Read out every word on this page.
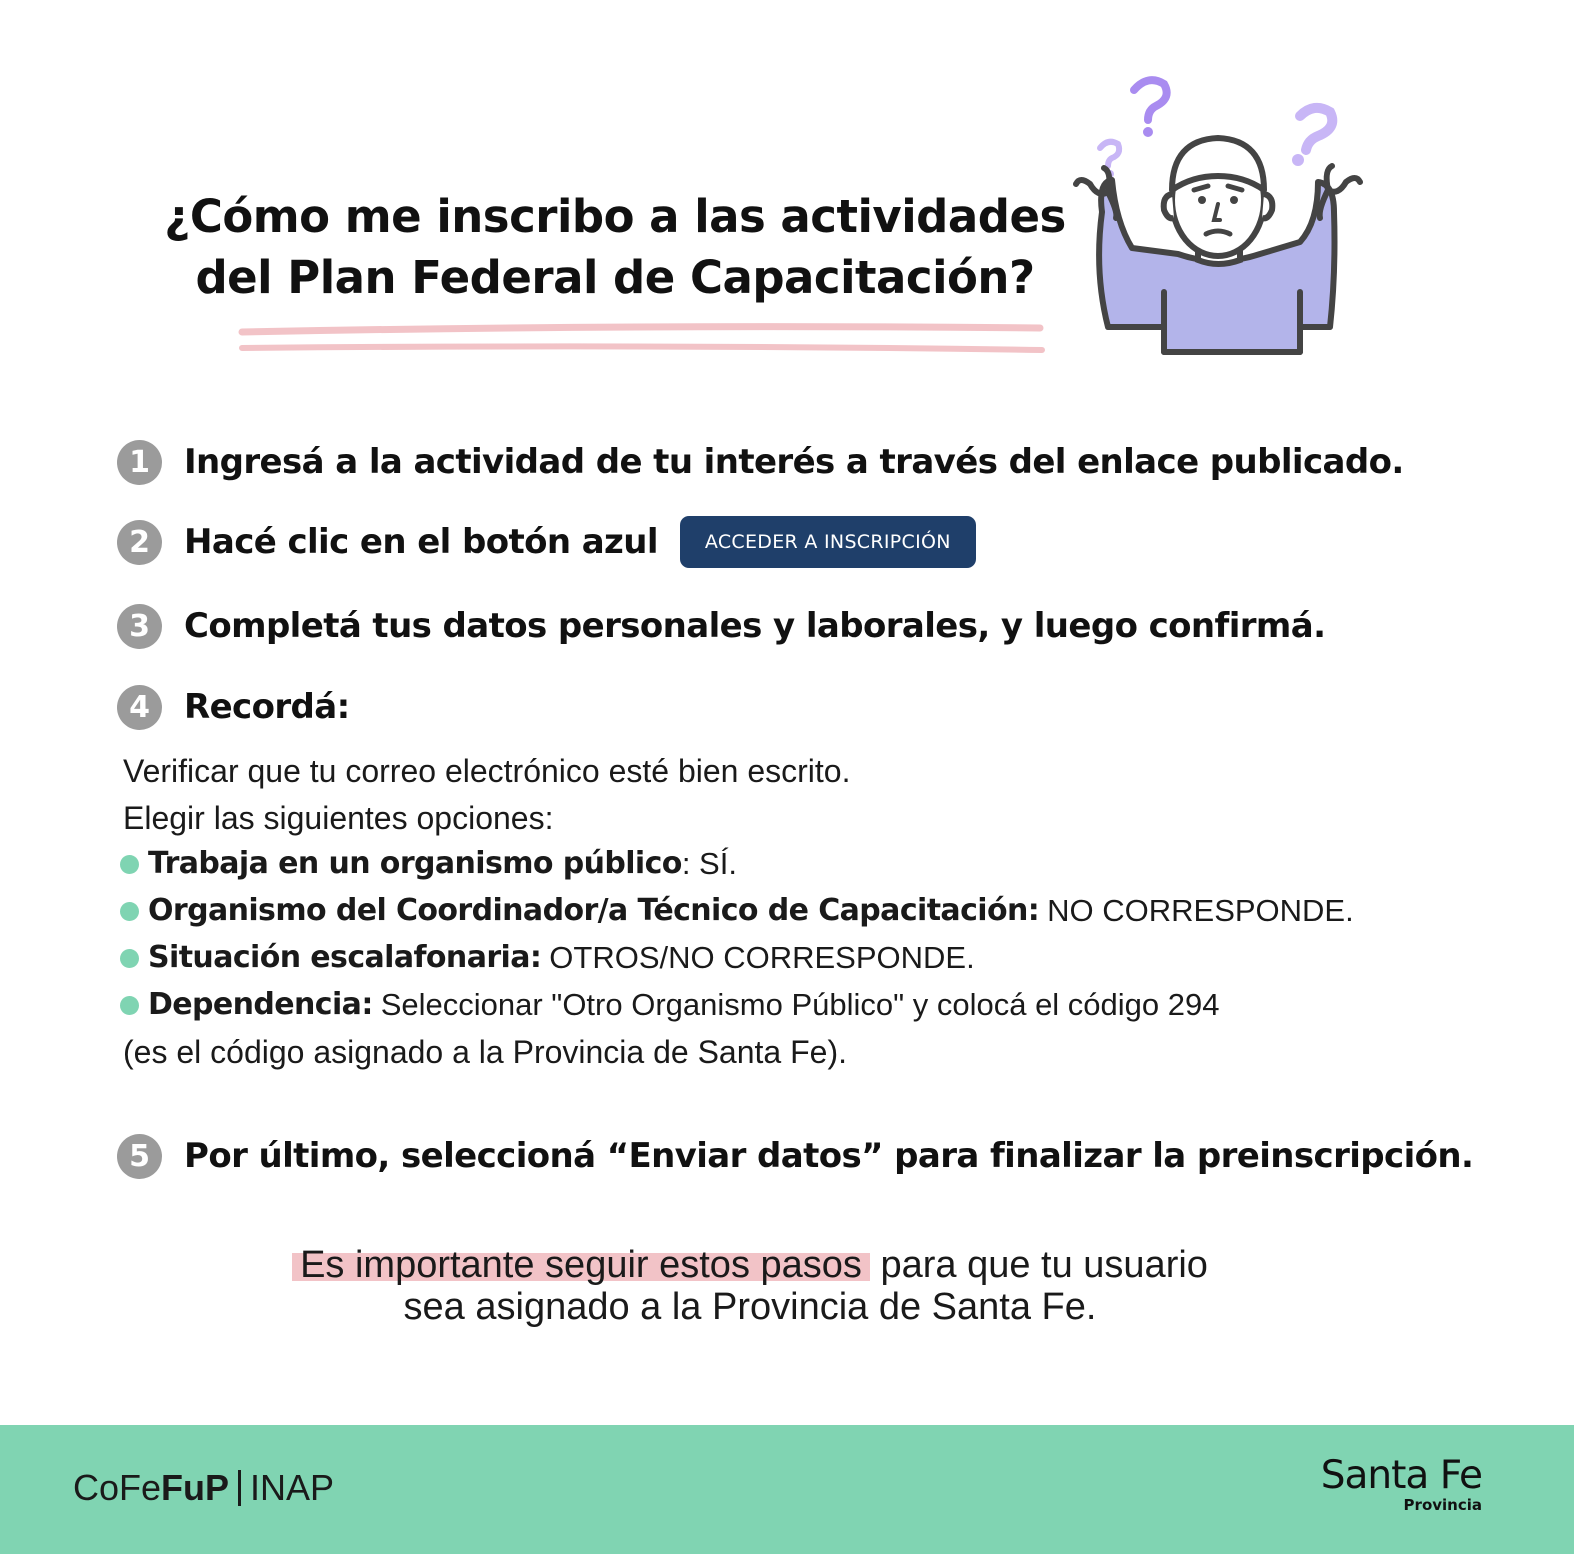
¿Cómo me inscribo a las actividades
del Plan Federal de Capacitación?
1	Ingresá a la actividad de tu interés a través del enlace publicado.
2	Hacé clic en el botón azul	ACCEDER A INSCRIPCIÓN
3	Completá tus datos personales y laborales, y luego confirmá.
4	Recordá:
Verificar que tu correo electrónico esté bien escrito.
Elegir las siguientes opciones:
Trabaja en un organismo público : SÍ.
Organismo del Coordinador/a Técnico de Capacitación: NO CORRESPONDE.
Situación escalafonaria: OTROS/NO CORRESPONDE.
Dependencia: Seleccionar "Otro Organismo Público" y colocá el código 294
(es el código asignado a la Provincia de Santa Fe).
5	Por último, seleccioná “Enviar datos” para finalizar la preinscripción.
Es importante seguir estos pasos para que tu usuario
sea asignado a la Provincia de Santa Fe.
CoFe FuP INAP	Santa Fe
Provincia
